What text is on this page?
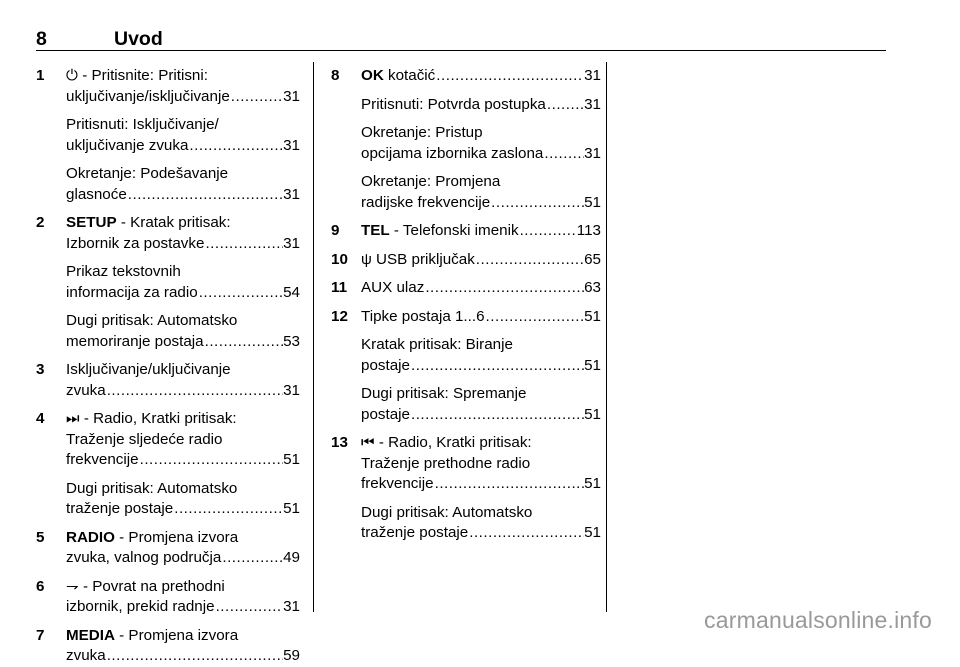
8	Uvod
1 ⏻ - Pritisnite: Pritisni:
uključivanje/isključivanje .....	31
Pritisnuti: Isključivanje/
uključivanje zvuka .....	31
Okretanje: Podešavanje
glasnoće .....	31
2 SETUP - Kratak pritisak:
Izbornik za postavke .....	31
Prikaz tekstovnih
informacija za radio .....	54
Dugi pritisak: Automatsko
memoriranje postaja .....	53
3 Isključivanje/uključivanje
zvuka .....	31
4 ⏭ - Radio, Kratki pritisak:
Traženje sljedeće radio
frekvencije .....	51
Dugi pritisak: Automatsko
traženje postaje .....	51
5 RADIO - Promjena izvora
zvuka, valnog područja .....	49
6 ⇁ - Povrat na prethodni
izbornik, prekid radnje .....	31
7 MEDIA - Promjena izvora
zvuka .....	59
8 OK kotačić .....	31
Pritisnuti: Potvrda postupka .....	31
Okretanje: Pristup
opcijama izbornika zaslona .....	31
Okretanje: Promjena
radijske frekvencije .....	51
9 TEL - Telefonski imenik .....	113
10 ψ USB priključak .....	65
11 AUX ulaz .....	63
12 Tipke postaja 1...6 .....	51
Kratak pritisak: Biranje
postaje .....	51
Dugi pritisak: Spremanje
postaje .....	51
13 ⏮ - Radio, Kratki pritisak:
Traženje prethodne radio
frekvencije .....	51
Dugi pritisak: Automatsko
traženje postaje .....	51
carmanualsonline.info
